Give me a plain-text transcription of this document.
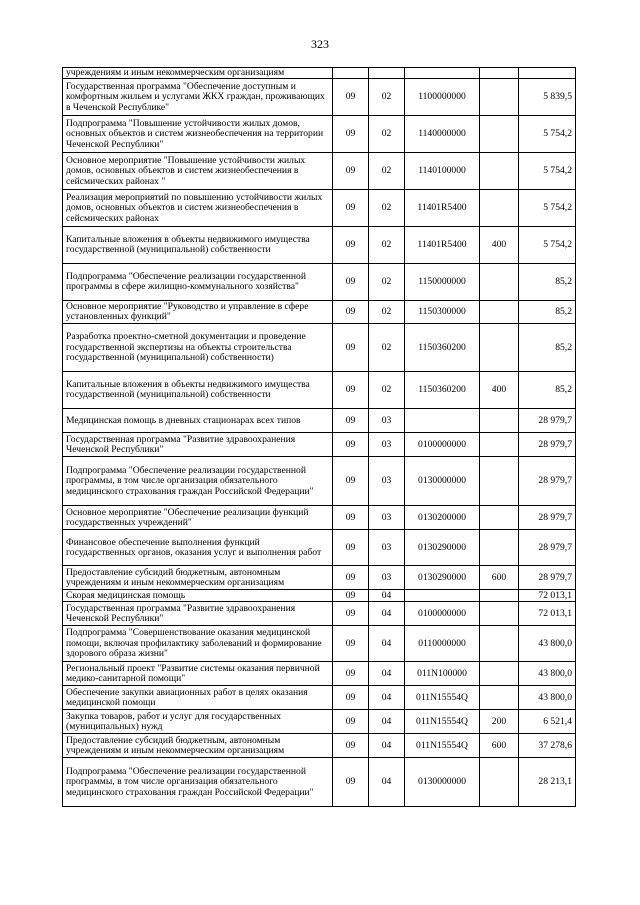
323
учреждениям и иным некоммерческим организациям					
Государственная программа "Обеспечение доступным и комфортным жильем и услугами ЖКХ граждан, проживающих в Чеченской Республике"	09	02	1100000000		5 839,5
Подпрограмма "Повышение устойчивости жилых домов, основных объектов и систем жизнеобеспечения на территории Чеченской Республики"	09	02	1140000000		5 754,2
Основное мероприятие "Повышение устойчивости жилых домов, основных объектов и систем жизнеобеспечения в сейсмических районах "	09	02	1140100000		5 754,2
Реализация мероприятий по повышению устойчивости жилых домов, основных объектов и систем жизнеобеспечения в сейсмических районах	09	02	11401R5400		5 754,2
Капитальные вложения в объекты недвижимого имущества государственной (муниципальной) собственности	09	02	11401R5400	400	5 754,2
Подпрограмма "Обеспечение реализации государственной программы в сфере жилищно-коммунального хозяйства"	09	02	1150000000		85,2
Основное мероприятие "Руководство и управление в сфере установленных функций"	09	02	1150300000		85,2
Разработка проектно-сметной документации и проведение государственной экспертизы на объекты строительства государственной (муниципальной) собственности)	09	02	1150360200		85,2
Капитальные вложения в объекты недвижимого имущества государственной (муниципальной) собственности	09	02	1150360200	400	85,2
Медицинская помощь в дневных стационарах всех типов	09	03			28 979,7
Государственная программа "Развитие здравоохранения Чеченской Республики"	09	03	0100000000		28 979,7
Подпрограмма "Обеспечение реализации государственной программы, в том числе организация обязательного медицинского страхования граждан Российской Федерации"	09	03	0130000000		28 979,7
Основное мероприятие "Обеспечение реализации функций государственных учреждений"	09	03	0130200000		28 979,7
Финансовое обеспечение выполнения функций государственных органов, оказания услуг и выполнения работ	09	03	0130290000		28 979,7
Предоставление субсидий бюджетным, автономным учреждениям и иным некоммерческим организациям	09	03	0130290000	600	28 979,7
Скорая медицинская помощь	09	04			72 013,1
Государственная программа "Развитие здравоохранения Чеченской Республики"	09	04	0100000000		72 013,1
Подпрограмма "Совершенствование оказания медицинской помощи, включая профилактику заболеваний и формирование здорового образа жизни"	09	04	0110000000		43 800,0
Региональный проект "Развитие системы оказания первичной медико-санитарной помощи"	09	04	011N100000		43 800,0
Обеспечение закупки авиационных работ в целях оказания медицинской помощи	09	04	011N15554Q		43 800,0
Закупка товаров, работ и услуг для государственных (муниципальных) нужд	09	04	011N15554Q	200	6 521,4
Предоставление субсидий бюджетным, автономным учреждениям и иным некоммерческим организациям	09	04	011N15554Q	600	37 278,6
Подпрограмма "Обеспечение реализации государственной программы, в том числе организация обязательного медицинского страхования граждан Российской Федерации"	09	04	0130000000		28 213,1
